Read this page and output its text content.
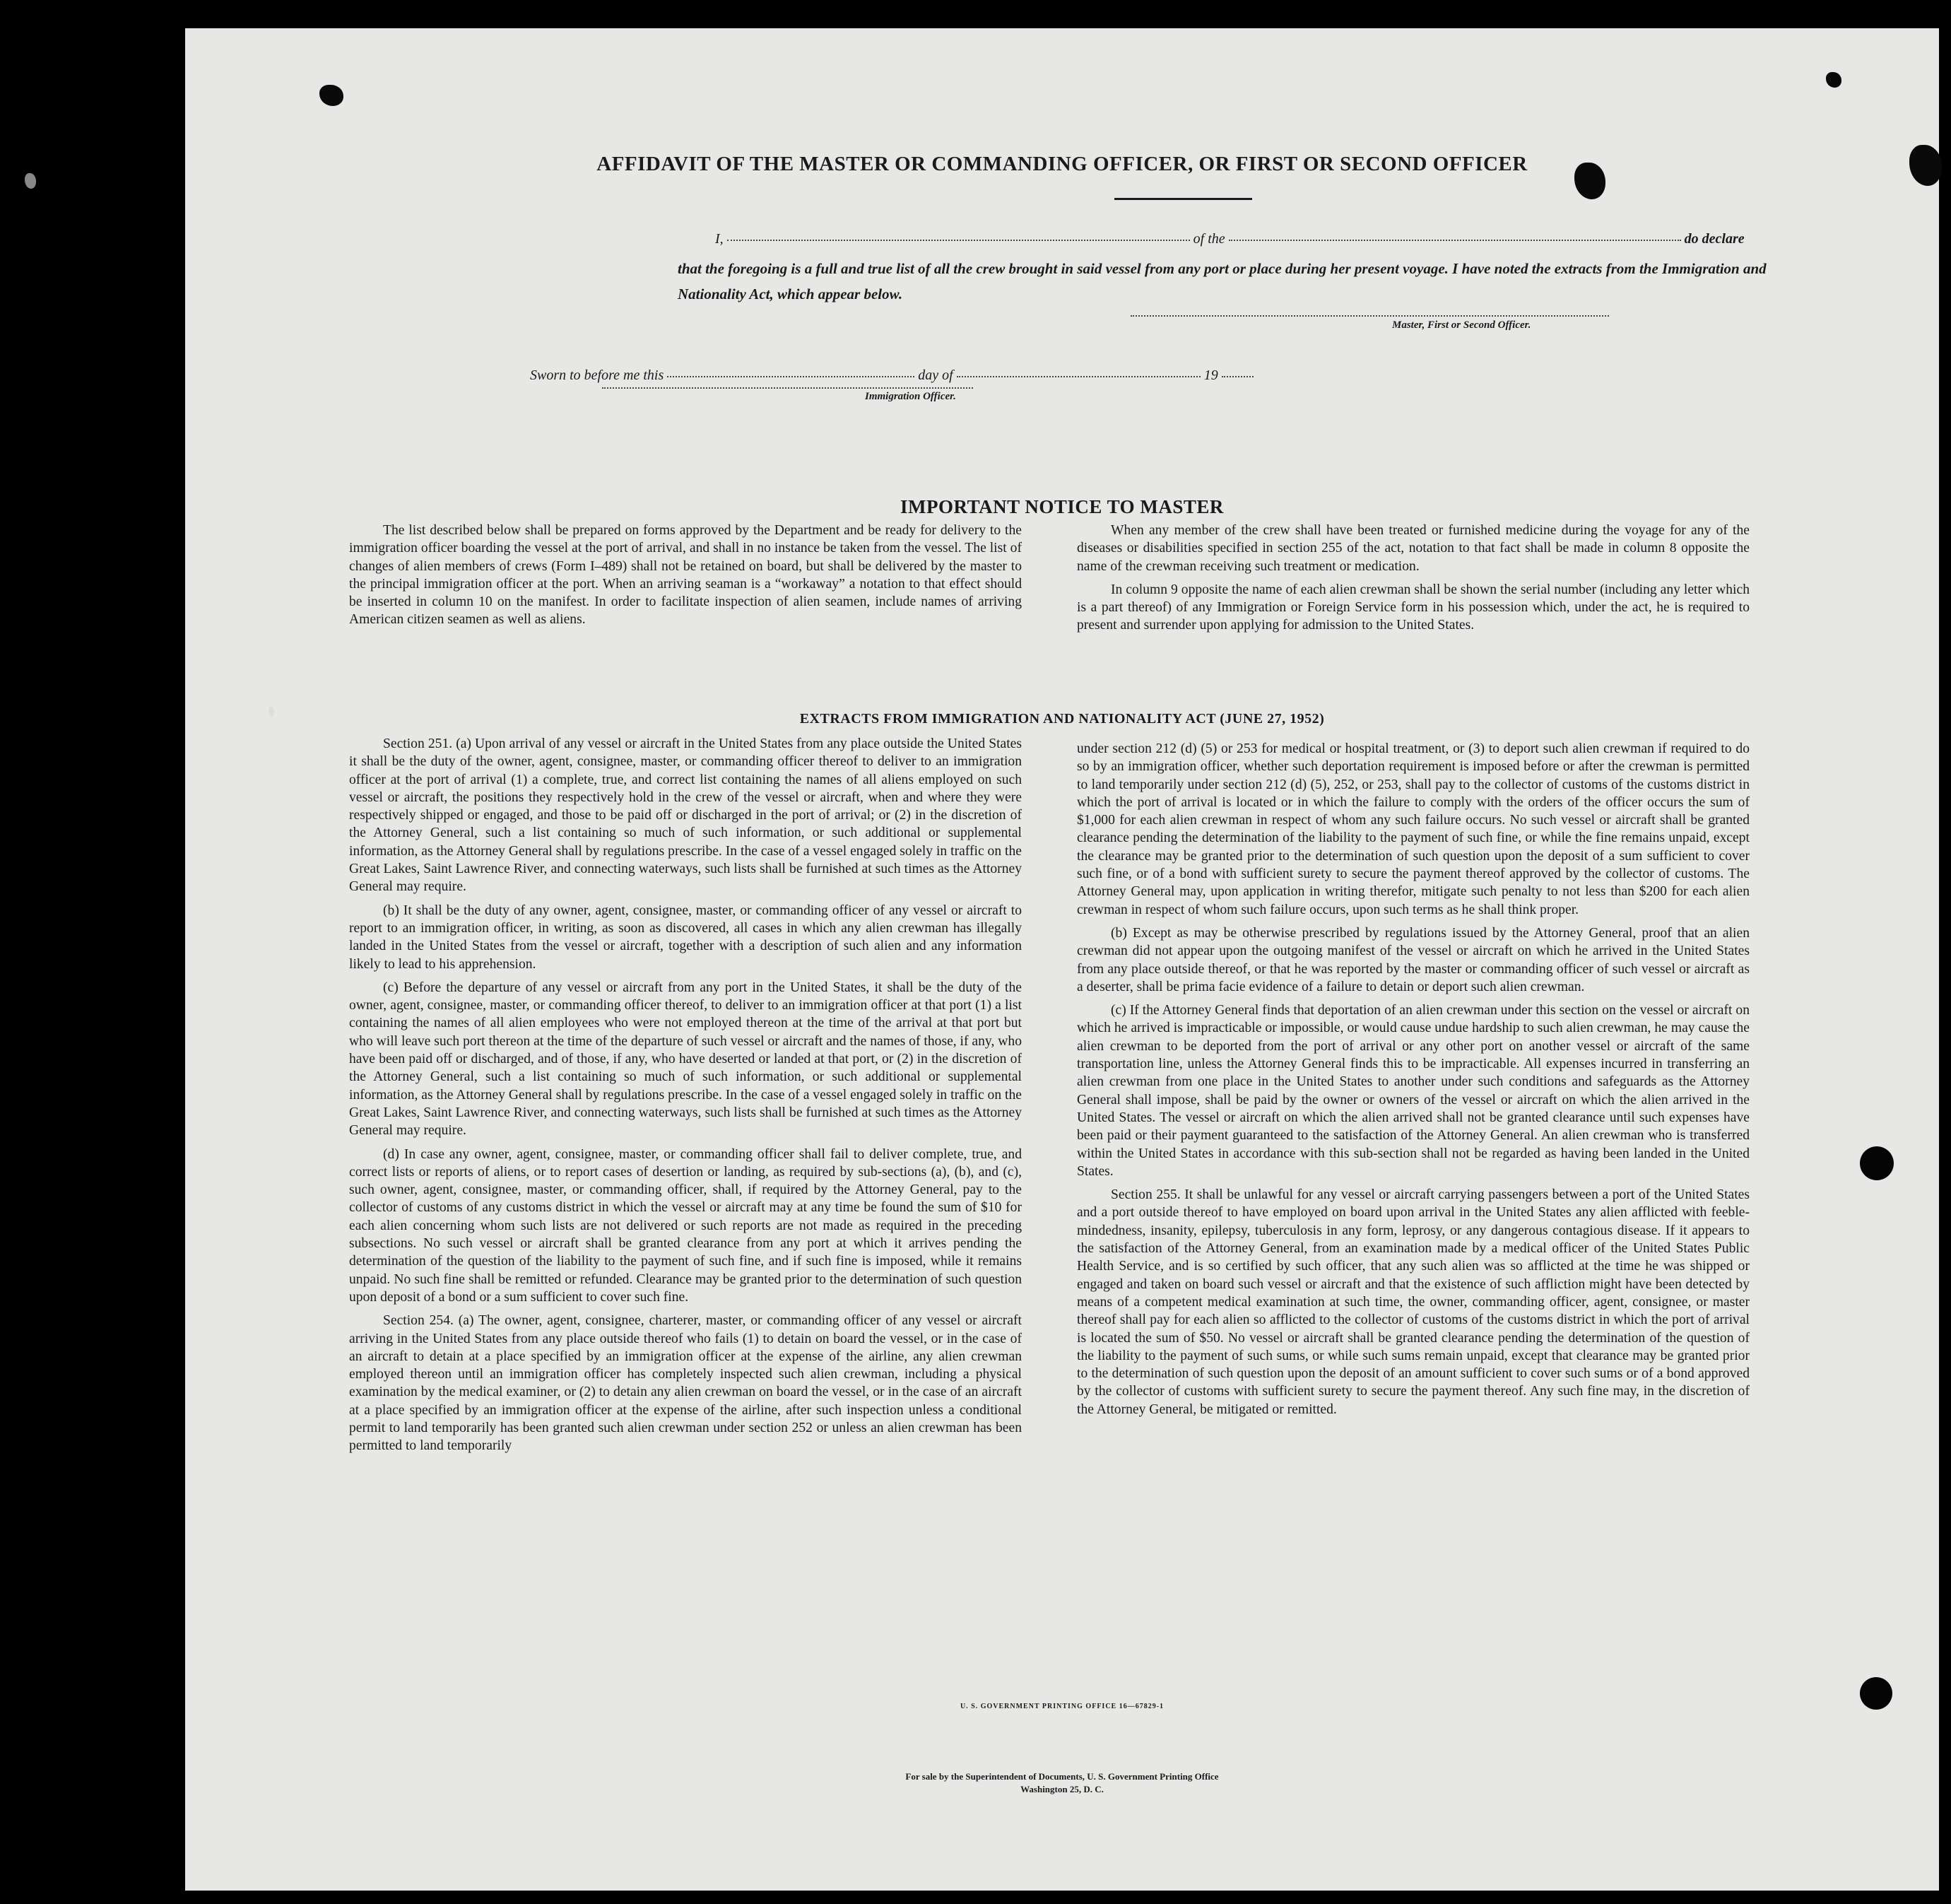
AFFIDAVIT OF THE MASTER OR COMMANDING OFFICER, OR FIRST OR SECOND OFFICER
I,	of the	do declare
that the foregoing is a full and true list of all the crew brought in said vessel from any port or place during her present voyage. I have noted the extracts from the Immigration and Nationality Act, which appear below.
Master, First or Second Officer.
Sworn to before me this	day of	19
Immigration Officer.
IMPORTANT NOTICE TO MASTER

The list described below shall be prepared on forms approved by the Department and be ready for delivery to the immigration officer boarding the vessel at the port of arrival, and shall in no instance be taken from the vessel. The list of changes of alien members of crews (Form I–489) shall not be retained on board, but shall be delivered by the master to the principal immigration officer at the port. When an arriving seaman is a “workaway” a notation to that effect should be inserted in column 10 on the manifest. In order to facilitate inspection of alien seamen, include names of arriving American citizen seamen as well as aliens.

When any member of the crew shall have been treated or furnished medicine during the voyage for any of the diseases or disabilities specified in section 255 of the act, notation to that fact shall be made in column 8 opposite the name of the crewman receiving such treatment or medication.

In column 9 opposite the name of each alien crewman shall be shown the serial number (including any letter which is a part thereof) of any Immigration or Foreign Service form in his possession which, under the act, he is required to present and surrender upon applying for admission to the United States.

EXTRACTS FROM IMMIGRATION AND NATIONALITY ACT (JUNE 27, 1952)

Section 251. (a) Upon arrival of any vessel or aircraft in the United States from any place outside the United States it shall be the duty of the owner, agent, consignee, master, or commanding officer thereof to deliver to an immigration officer at the port of arrival (1) a complete, true, and correct list containing the names of all aliens employed on such vessel or aircraft, the positions they respectively hold in the crew of the vessel or aircraft, when and where they were respectively shipped or engaged, and those to be paid off or discharged in the port of arrival; or (2) in the discretion of the Attorney General, such a list containing so much of such information, or such additional or supplemental information, as the Attorney General shall by regulations prescribe. In the case of a vessel engaged solely in traffic on the Great Lakes, Saint Lawrence River, and connecting waterways, such lists shall be furnished at such times as the Attorney General may require.

(b) It shall be the duty of any owner, agent, consignee, master, or commanding officer of any vessel or aircraft to report to an immigration officer, in writing, as soon as discovered, all cases in which any alien crewman has illegally landed in the United States from the vessel or aircraft, together with a description of such alien and any information likely to lead to his apprehension.

(c) Before the departure of any vessel or aircraft from any port in the United States, it shall be the duty of the owner, agent, consignee, master, or commanding officer thereof, to deliver to an immigration officer at that port (1) a list containing the names of all alien employees who were not employed thereon at the time of the arrival at that port but who will leave such port thereon at the time of the departure of such vessel or aircraft and the names of those, if any, who have been paid off or discharged, and of those, if any, who have deserted or landed at that port, or (2) in the discretion of the Attorney General, such a list containing so much of such information, or such additional or supplemental information, as the Attorney General shall by regulations prescribe. In the case of a vessel engaged solely in traffic on the Great Lakes, Saint Lawrence River, and connecting waterways, such lists shall be furnished at such times as the Attorney General may require.

(d) In case any owner, agent, consignee, master, or commanding officer shall fail to deliver complete, true, and correct lists or reports of aliens, or to report cases of desertion or landing, as required by sub-sections (a), (b), and (c), such owner, agent, consignee, master, or commanding officer, shall, if required by the Attorney General, pay to the collector of customs of any customs district in which the vessel or aircraft may at any time be found the sum of $10 for each alien concerning whom such lists are not delivered or such reports are not made as required in the preceding subsections. No such vessel or aircraft shall be granted clearance from any port at which it arrives pending the determination of the question of the liability to the payment of such fine, and if such fine is imposed, while it remains unpaid. No such fine shall be remitted or refunded. Clearance may be granted prior to the determination of such question upon deposit of a bond or a sum sufficient to cover such fine.

Section 254. (a) The owner, agent, consignee, charterer, master, or commanding officer of any vessel or aircraft arriving in the United States from any place outside thereof who fails (1) to detain on board the vessel, or in the case of an aircraft to detain at a place specified by an immigration officer at the expense of the airline, any alien crewman employed thereon until an immigration officer has completely inspected such alien crewman, including a physical examination by the medical examiner, or (2) to detain any alien crewman on board the vessel, or in the case of an aircraft at a place specified by an immigration officer at the expense of the airline, after such inspection unless a conditional permit to land temporarily has been granted such alien crewman under section 252 or unless an alien crewman has been permitted to land temporarily

under section 212 (d) (5) or 253 for medical or hospital treatment, or (3) to deport such alien crewman if required to do so by an immigration officer, whether such deportation requirement is imposed before or after the crewman is permitted to land temporarily under section 212 (d) (5), 252, or 253, shall pay to the collector of customs of the customs district in which the port of arrival is located or in which the failure to comply with the orders of the officer occurs the sum of $1,000 for each alien crewman in respect of whom any such failure occurs. No such vessel or aircraft shall be granted clearance pending the determination of the liability to the payment of such fine, or while the fine remains unpaid, except the clearance may be granted prior to the determination of such question upon the deposit of a sum sufficient to cover such fine, or of a bond with sufficient surety to secure the payment thereof approved by the collector of customs. The Attorney General may, upon application in writing therefor, mitigate such penalty to not less than $200 for each alien crewman in respect of whom such failure occurs, upon such terms as he shall think proper.

(b) Except as may be otherwise prescribed by regulations issued by the Attorney General, proof that an alien crewman did not appear upon the outgoing manifest of the vessel or aircraft on which he arrived in the United States from any place outside thereof, or that he was reported by the master or commanding officer of such vessel or aircraft as a deserter, shall be prima facie evidence of a failure to detain or deport such alien crewman.

(c) If the Attorney General finds that deportation of an alien crewman under this section on the vessel or aircraft on which he arrived is impracticable or impossible, or would cause undue hardship to such alien crewman, he may cause the alien crewman to be deported from the port of arrival or any other port on another vessel or aircraft of the same transportation line, unless the Attorney General finds this to be impracticable. All expenses incurred in transferring an alien crewman from one place in the United States to another under such conditions and safeguards as the Attorney General shall impose, shall be paid by the owner or owners of the vessel or aircraft on which the alien arrived in the United States. The vessel or aircraft on which the alien arrived shall not be granted clearance until such expenses have been paid or their payment guaranteed to the satisfaction of the Attorney General. An alien crewman who is transferred within the United States in accordance with this sub-section shall not be regarded as having been landed in the United States.

Section 255. It shall be unlawful for any vessel or aircraft carrying passengers between a port of the United States and a port outside thereof to have employed on board upon arrival in the United States any alien afflicted with feeble-mindedness, insanity, epilepsy, tuberculosis in any form, leprosy, or any dangerous contagious disease. If it appears to the satisfaction of the Attorney General, from an examination made by a medical officer of the United States Public Health Service, and is so certified by such officer, that any such alien was so afflicted at the time he was shipped or engaged and taken on board such vessel or aircraft and that the existence of such affliction might have been detected by means of a competent medical examination at such time, the owner, commanding officer, agent, consignee, or master thereof shall pay for each alien so afflicted to the collector of customs of the customs district in which the port of arrival is located the sum of $50. No vessel or aircraft shall be granted clearance pending the determination of the question of the liability to the payment of such sums, or while such sums remain unpaid, except that clearance may be granted prior to the determination of such question upon the deposit of an amount sufficient to cover such sums or of a bond approved by the collector of customs with sufficient surety to secure the payment thereof. Any such fine may, in the discretion of the Attorney General, be mitigated or remitted.

U. S. GOVERNMENT PRINTING OFFICE 16—67829-1
For sale by the Superintendent of Documents, U. S. Government Printing Office
Washington 25, D. C.
